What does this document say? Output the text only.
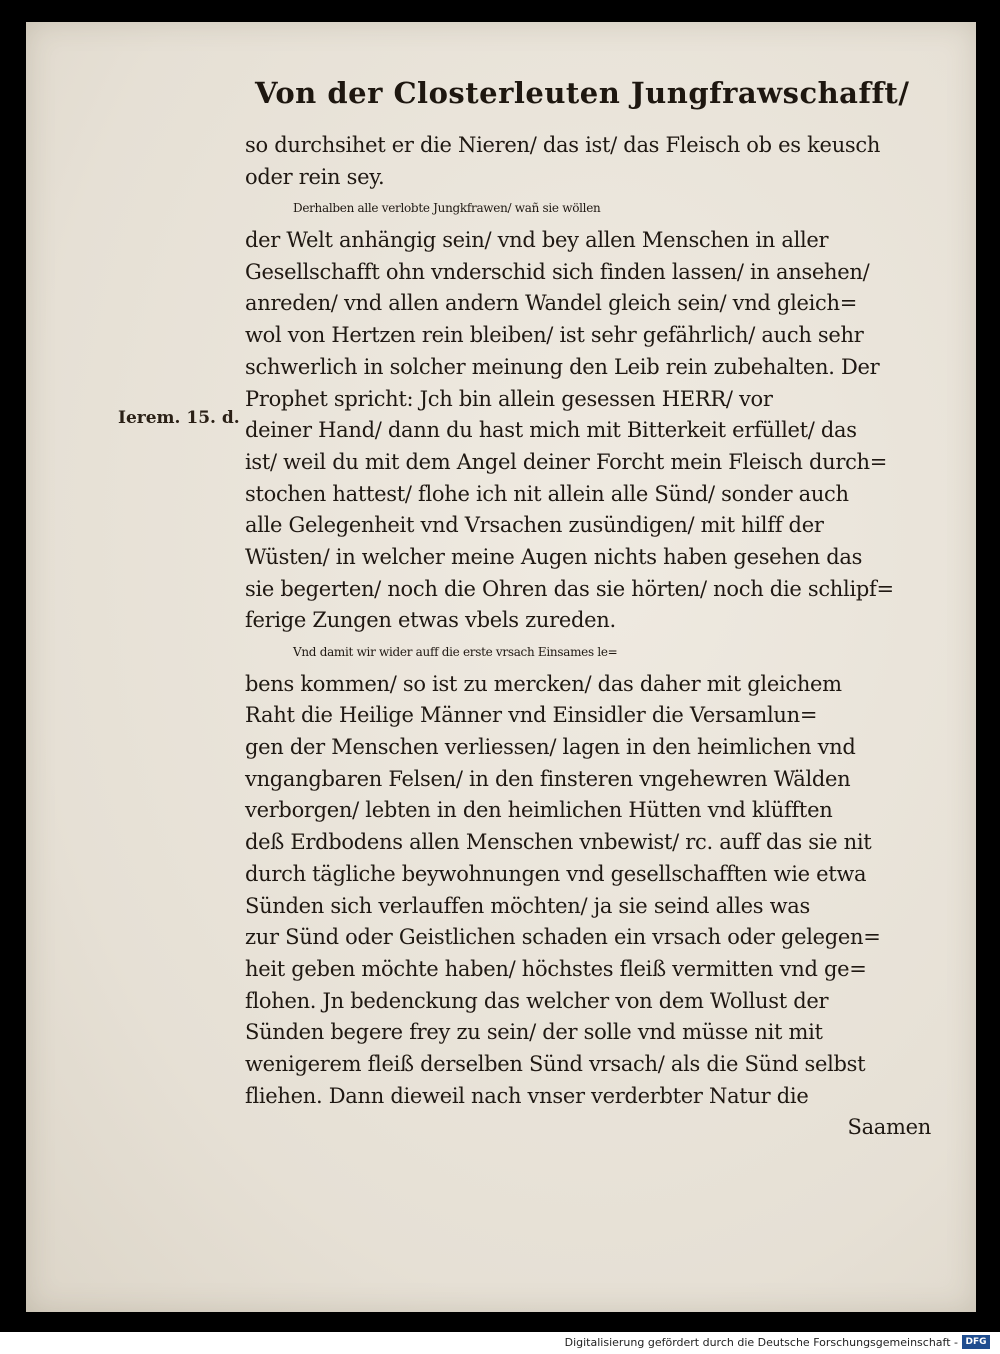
Von der Closterleuten Jungfrawschafft/
Ierem. 15. d.
so durchsihet er die Nieren/ das ist/ das Fleisch ob es keusch
oder rein sey.
Derhalben alle verlobte Jungkfrawen/ wañ sie wöllen
der Welt anhängig sein/ vnd bey allen Menschen in aller
Gesellschafft ohn vnderschid sich finden lassen/ in ansehen/
anreden/ vnd allen andern Wandel gleich sein/ vnd gleich=
wol von Hertzen rein bleiben/ ist sehr gefährlich/ auch sehr
schwerlich in solcher meinung den Leib rein zubehalten. Der
Prophet spricht: Jch bin allein gesessen HERR/ vor
deiner Hand/ dann du hast mich mit Bitterkeit erfüllet/ das
ist/ weil du mit dem Angel deiner Forcht mein Fleisch durch=
stochen hattest/ flohe ich nit allein alle Sünd/ sonder auch
alle Gelegenheit vnd Vrsachen zusündigen/ mit hilff der
Wüsten/ in welcher meine Augen nichts haben gesehen das
sie begerten/ noch die Ohren das sie hörten/ noch die schlipf=
ferige Zungen etwas vbels zureden.
Vnd damit wir wider auff die erste vrsach Einsames le=
bens kommen/ so ist zu mercken/ das daher mit gleichem
Raht die Heilige Männer vnd Einsidler die Versamlun=
gen der Menschen verliessen/ lagen in den heimlichen vnd
vngangbaren Felsen/ in den finsteren vngehewren Wälden
verborgen/ lebten in den heimlichen Hütten vnd klüfften
deß Erdbodens allen Menschen vnbewist/ rc. auff das sie nit
durch tägliche beywohnungen vnd gesellschafften wie etwa
Sünden sich verlauffen möchten/ ja sie seind alles was
zur Sünd oder Geistlichen schaden ein vrsach oder gelegen=
heit geben möchte haben/ höchstes fleiß vermitten vnd ge=
flohen. Jn bedenckung das welcher von dem Wollust der
Sünden begere frey zu sein/ der solle vnd müsse nit mit
wenigerem fleiß derselben Sünd vrsach/ als die Sünd selbst
fliehen. Dann dieweil nach vnser verderbter Natur die
Saamen
Digitalisierung gefördert durch die Deutsche Forschungsgemeinschaft - DFG
